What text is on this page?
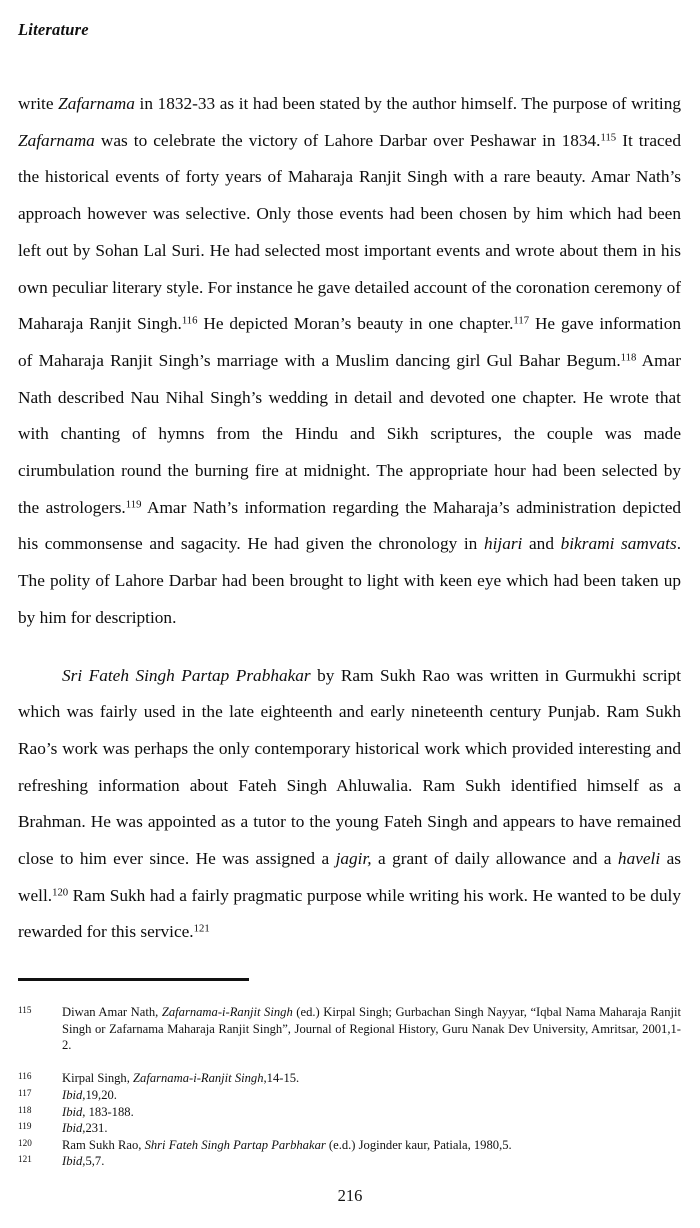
Literature

write Zafarnama in 1832-33 as it had been stated by the author himself. The purpose of writing Zafarnama was to celebrate the victory of Lahore Darbar over Peshawar in 1834.$^{115}$ It traced the historical events of forty years of Maharaja Ranjit Singh with a rare beauty. Amar Nath’s approach however was selective. Only those events had been chosen by him which had been left out by Sohan Lal Suri. He had selected most important events and wrote about them in his own peculiar literary style. For instance he gave detailed account of the coronation ceremony of Maharaja Ranjit Singh.$^{116}$ He depicted Moran’s beauty in one chapter.$^{117}$ He gave information of Maharaja Ranjit Singh’s marriage with a Muslim dancing girl Gul Bahar Begum.$^{118}$ Amar Nath described Nau Nihal Singh’s wedding in detail and devoted one chapter. He wrote that with chanting of hymns from the Hindu and Sikh scriptures, the couple was made cirumbulation round the burning fire at midnight. The appropriate hour had been selected by the astrologers.$^{119}$ Amar Nath’s information regarding the Maharaja’s administration depicted his commonsense and sagacity. He had given the chronology in hijari and bikrami samvats. The polity of Lahore Darbar had been brought to light with keen eye which had been taken up by him for description.

Sri Fateh Singh Partap Prabhakar by Ram Sukh Rao was written in Gurmukhi script which was fairly used in the late eighteenth and early nineteenth century Punjab. Ram Sukh Rao’s work was perhaps the only contemporary historical work which provided interesting and refreshing information about Fateh Singh Ahluwalia. Ram Sukh identified himself as a Brahman. He was appointed as a tutor to the young Fateh Singh and appears to have remained close to him ever since. He was assigned a jagir, a grant of daily allowance and a haveli as well.$^{120}$ Ram Sukh had a fairly pragmatic purpose while writing his work. He wanted to be duly rewarded for this service.$^{121}$

115 Diwan Amar Nath, Zafarnama-i-Ranjit Singh (ed.) Kirpal Singh; Gurbachan Singh Nayyar, “Iqbal Nama Maharaja Ranjit Singh or Zafarnama Maharaja Ranjit Singh”, Journal of Regional History, Guru Nanak Dev University, Amritsar, 2001,1-2.
116 Kirpal Singh, Zafarnama-i-Ranjit Singh,14-15.
117 Ibid,19,20.
118 Ibid, 183-188.
119 Ibid,231.
120 Ram Sukh Rao, Shri Fateh Singh Partap Parbhakar (e.d.) Joginder kaur, Patiala, 1980,5.
121 Ibid,5,7.
216
